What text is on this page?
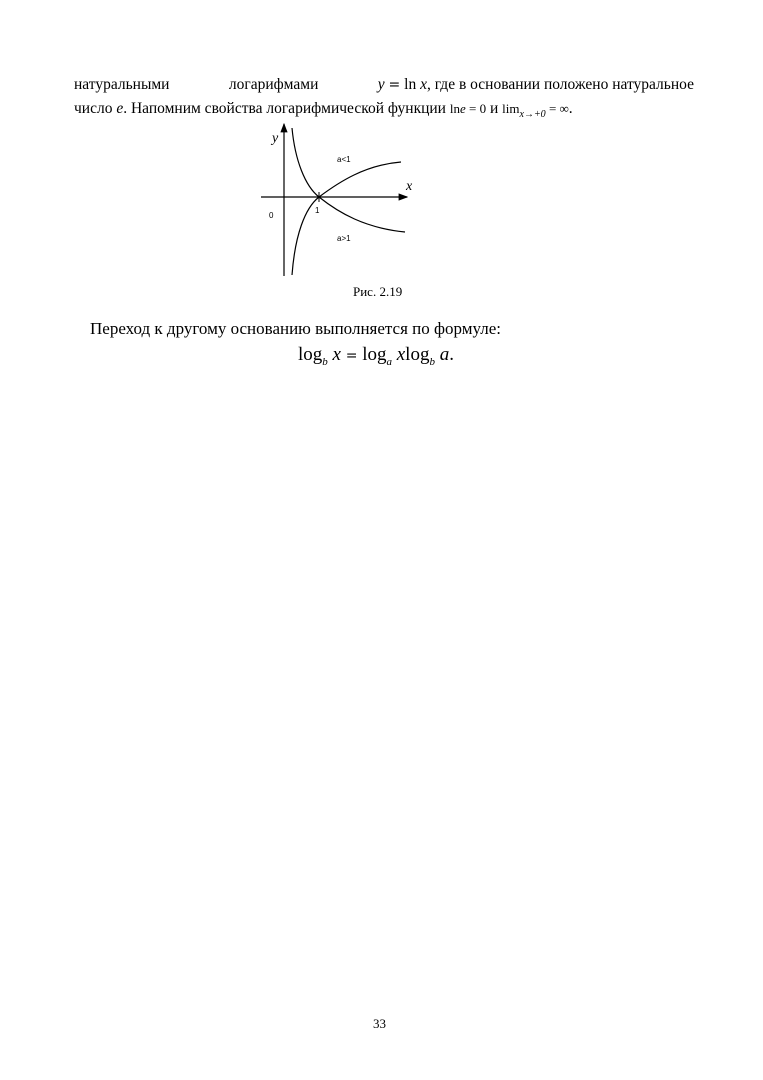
натуральными	логарифмами	y = ln x, где в основании положено натуральное
число e. Напомним свойства логарифмической функции lne = 0 и $\lim_{x\to+0}$ = ∞.
y
x
0
1
a<1
a>1
Рис. 2.19
Переход к другому основанию выполняется по формуле:
$\log_b x = \log_a xlog_b$ a.
33
